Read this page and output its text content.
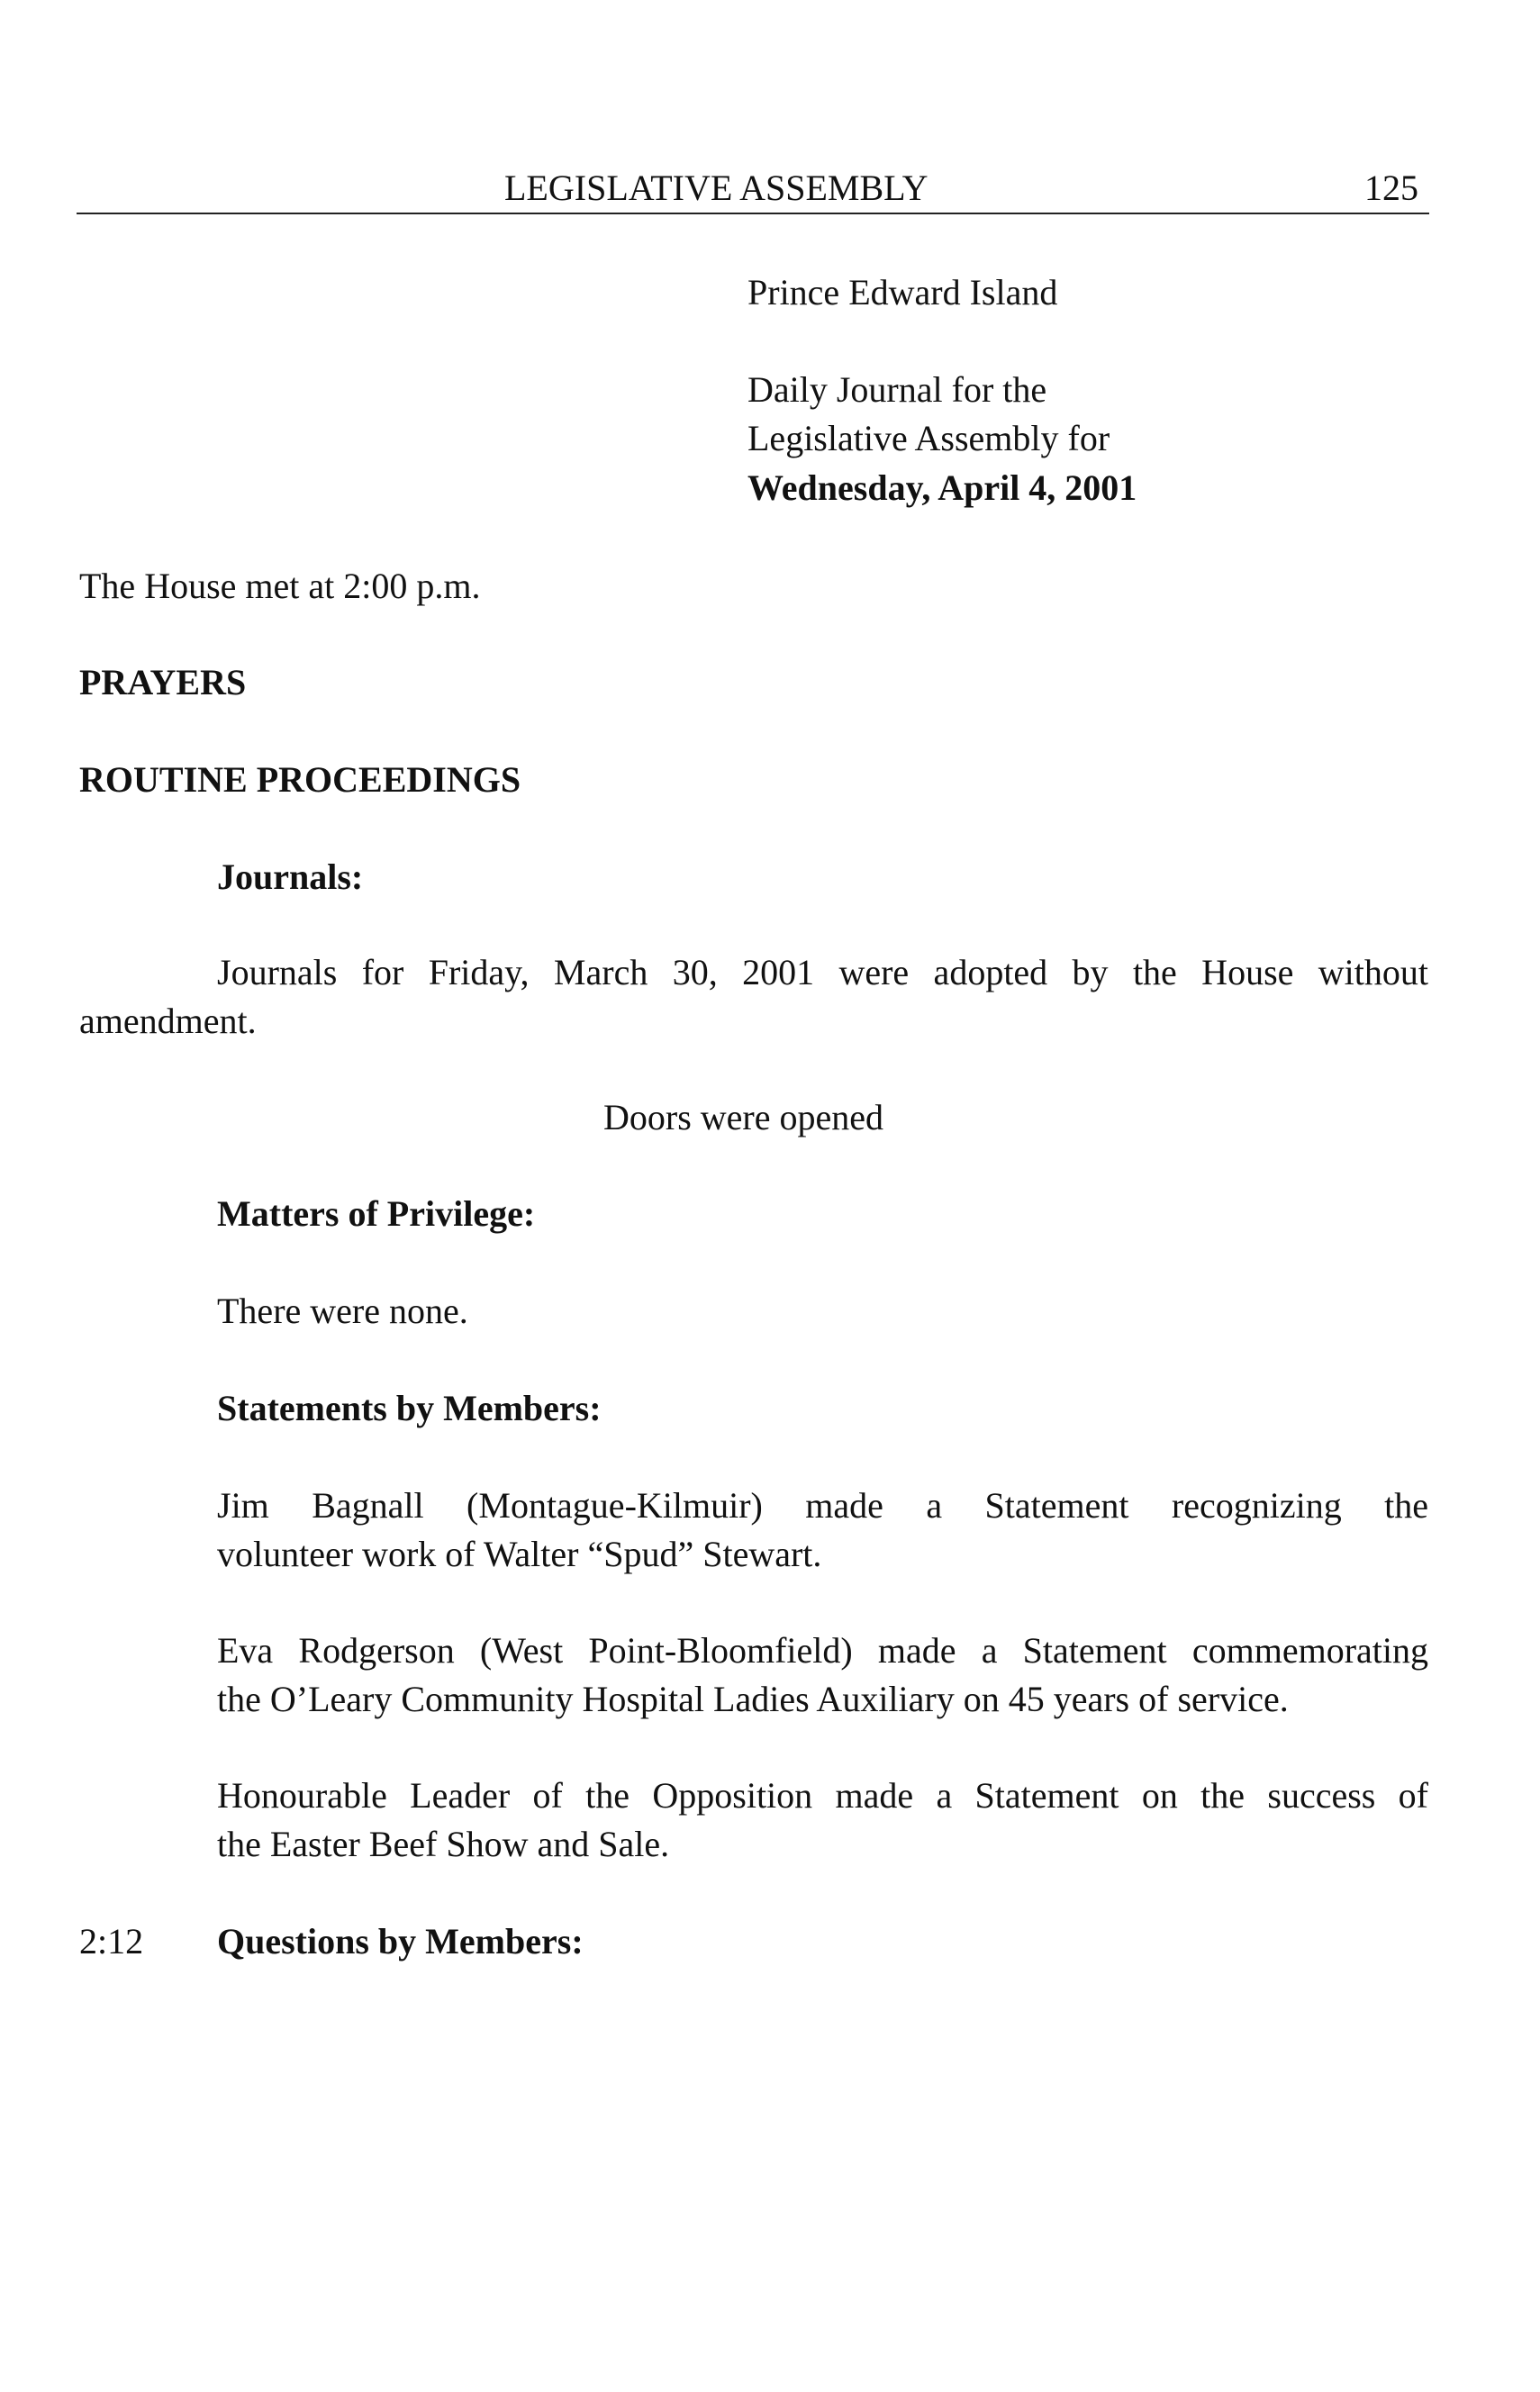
LEGISLATIVE ASSEMBLY	125
Prince Edward Island
Daily Journal for the
Legislative Assembly for
Wednesday, April 4, 2001
The House met at 2:00 p.m.
PRAYERS
ROUTINE PROCEEDINGS
Journals:
Journals for Friday, March 30, 2001 were adopted by the House without
amendment.
Doors were opened
Matters of Privilege:
There were none.
Statements by Members:
Jim Bagnall (Montague-Kilmuir) made a Statement recognizing the
volunteer work of Walter “Spud” Stewart.
Eva Rodgerson (West Point-Bloomfield) made a Statement commemorating
the O’Leary Community Hospital Ladies Auxiliary on 45 years of service.
Honourable Leader of the Opposition made a Statement on the success of
the Easter Beef Show and Sale.
2:12 Questions by Members:
